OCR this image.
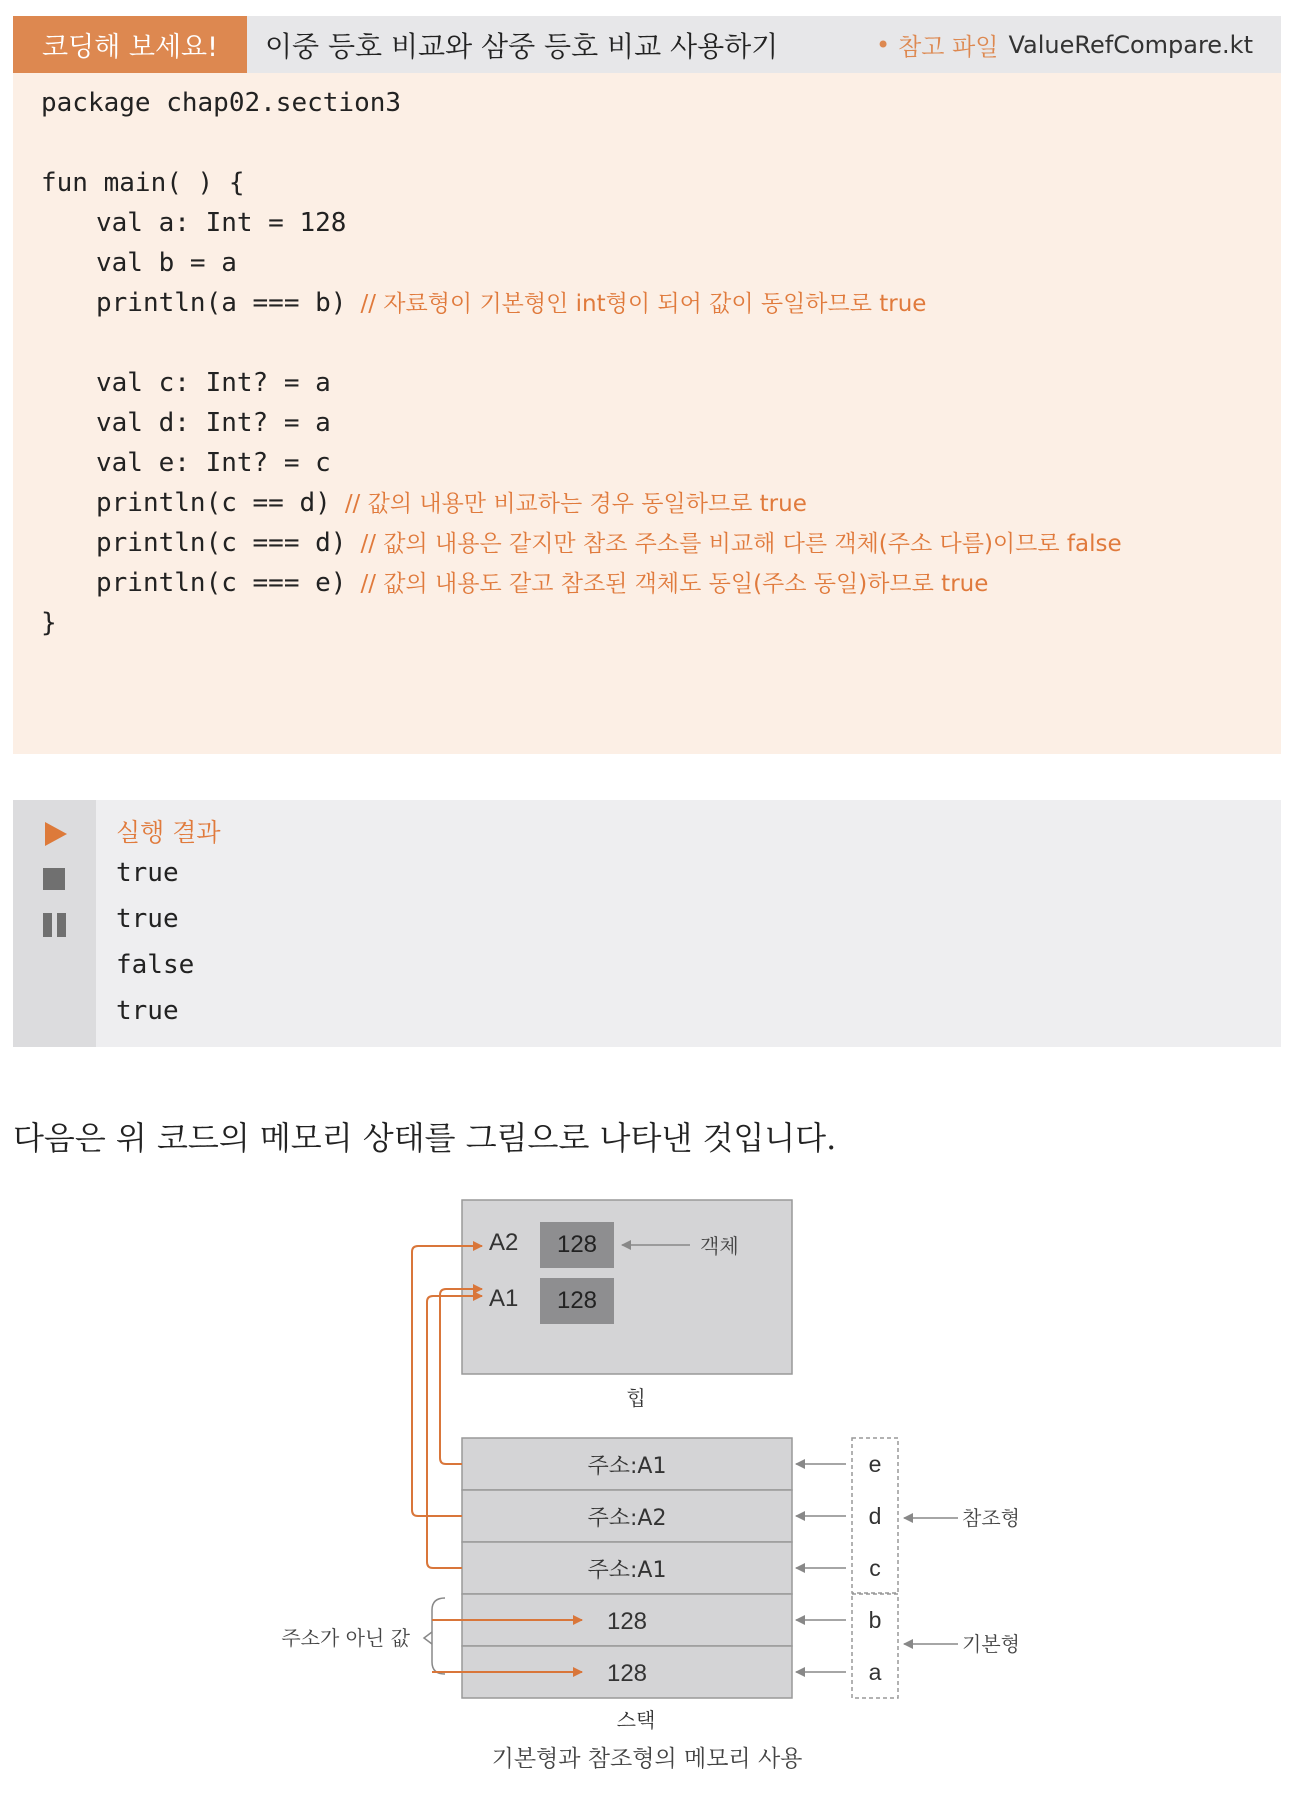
코딩해 보세요!	이중 등호 비교와 삼중 등호 비교 사용하기	• 참고 파일 ValueRefCompare.kt
package chap02.section3
fun main( ) {
val a: Int = 128
val b = a
println(a === b) // 자료형이 기본형인 int형이 되어 값이 동일하므로 true
val c: Int? = a
val d: Int? = a
val e: Int? = c
println(c == d) // 값의 내용만 비교하는 경우 동일하므로 true
println(c === d) // 값의 내용은 같지만 참조 주소를 비교해 다른 객체(주소 다름)이므로 false
println(c === e) // 값의 내용도 같고 참조된 객체도 동일(주소 동일)하므로 true
}
실행 결과
true
true
false
true
다음은 위 코드의 메모리 상태를 그림으로 나타낸 것입니다.
A2 128
A1 128
객체
힙
주소:A1
주소:A2
주소:A1
128
128
스택
e
d
c
b
a
참조형
기본형
주소가 아닌 값
기본형과 참조형의 메모리 사용
